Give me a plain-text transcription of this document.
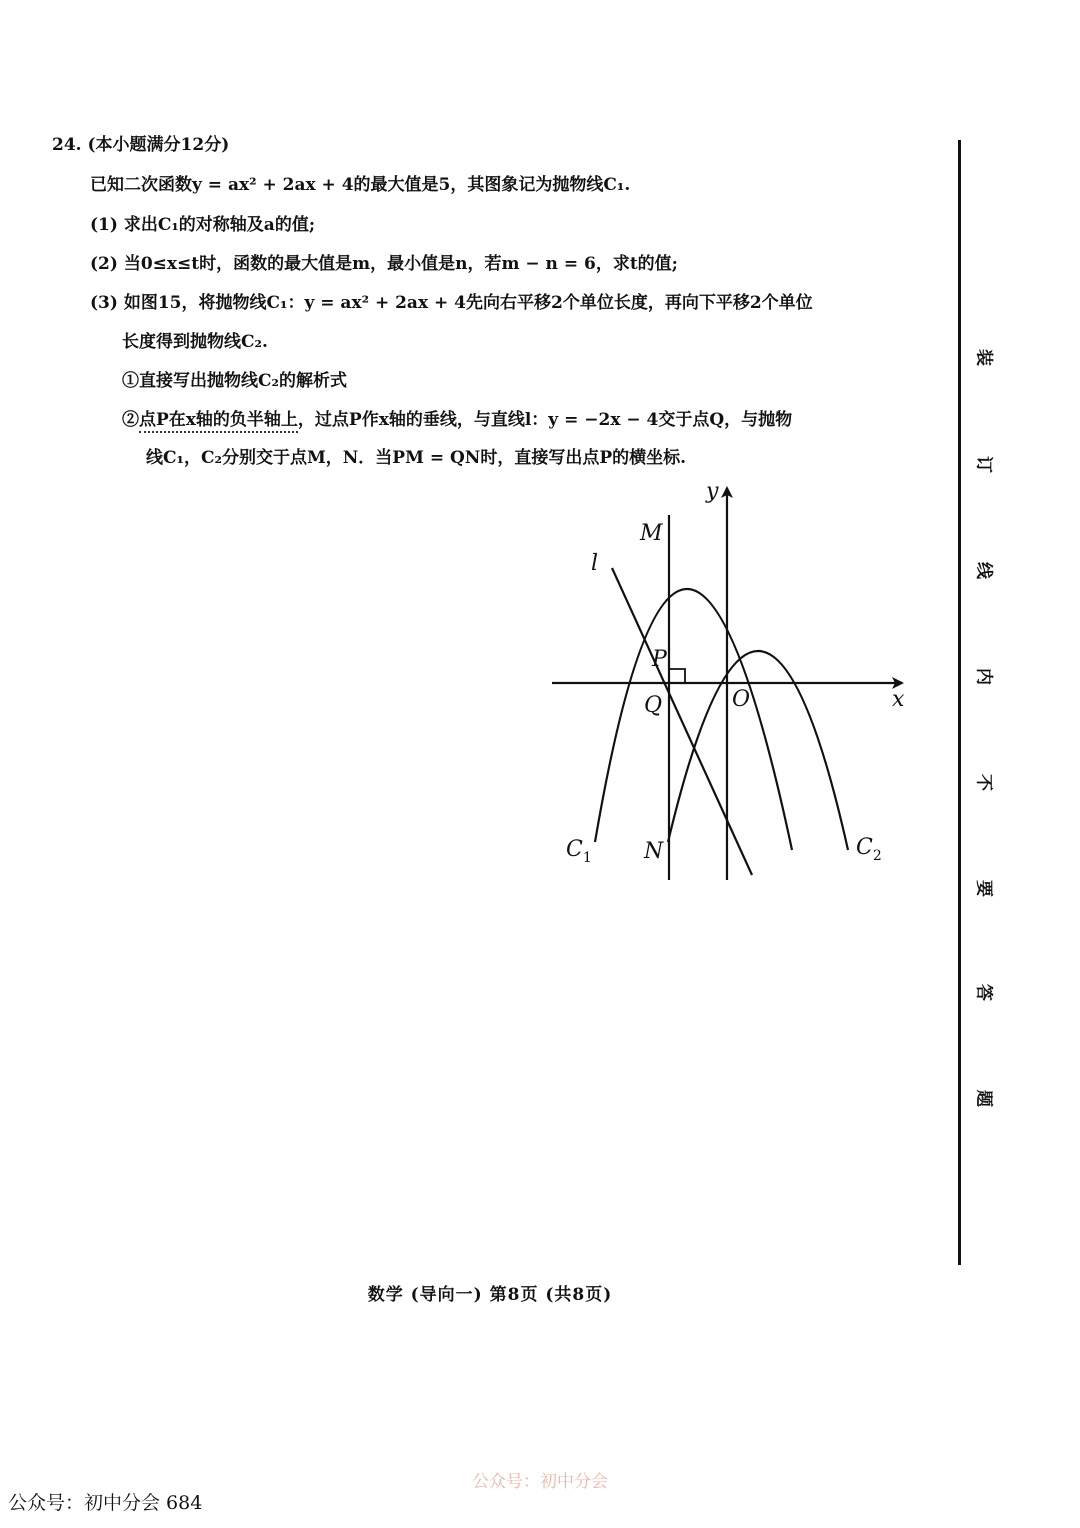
24. (本小题满分12分)
已知二次函数y = ax² + 2ax + 4的最大值是5，其图象记为抛物线C₁.
(1) 求出C₁的对称轴及a的值;
(2) 当0≤x≤t时，函数的最大值是m，最小值是n，若m − n = 6，求t的值;
(3) 如图15，将抛物线C₁：y = ax² + 2ax + 4先向右平移2个单位长度，再向下平移2个单位
长度得到抛物线C₂.
①直接写出抛物线C₂的解析式
②点P在x轴的负半轴上，过点P作x轴的垂线，与直线l：y = −2x − 4交于点Q，与抛物
线C₁，C₂分别交于点M，N．当PM = QN时，直接写出点P的横坐标.
y
x
O
M
l
P
Q
N
$C_1$	$C_2$
装
订
线
内
不
要
答
题
数学 (导向一) 第8页 (共8页)
公众号：初中分会
公众号：初中分会 684
